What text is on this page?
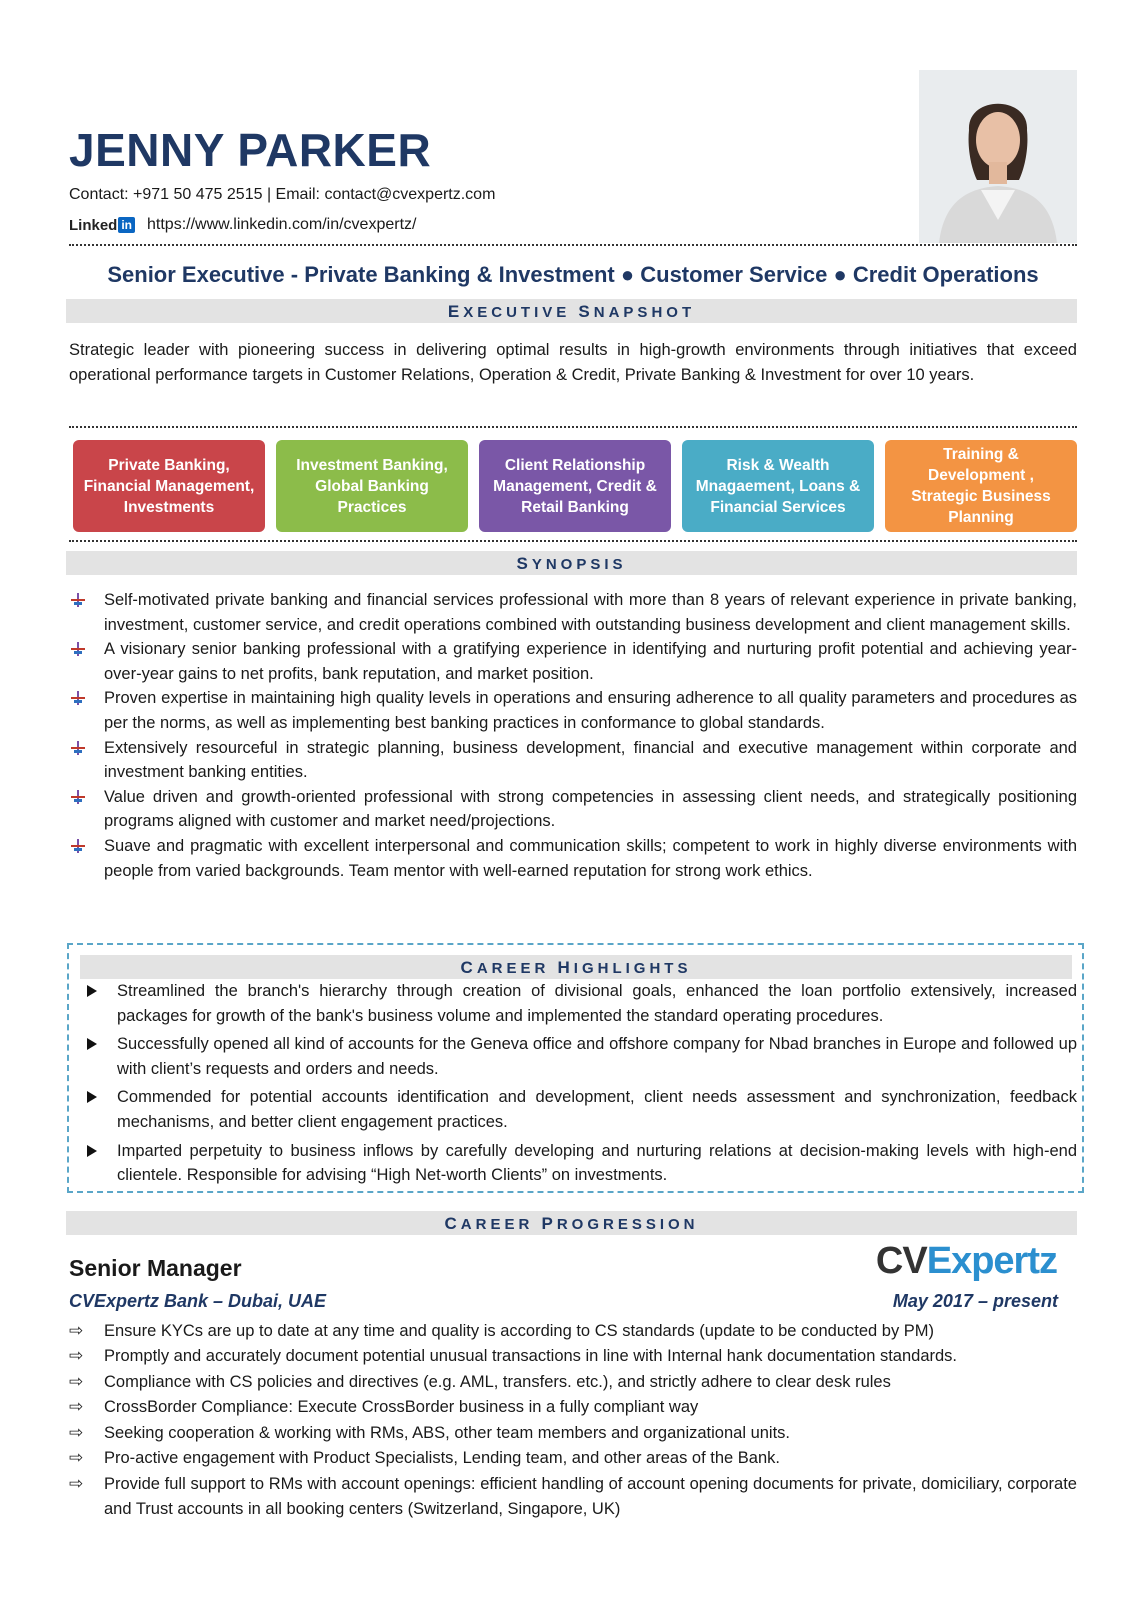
JENNY PARKER
Contact: +971 50 475 2515 | Email: contact@cvexpertz.com
Linked in https://www.linkedin.com/in/cvexpertz/
Senior Executive - Private Banking & Investment ● Customer Service ● Credit Operations
EXECUTIVE SNAPSHOT
Strategic leader with pioneering success in delivering optimal results in high-growth environments through initiatives that exceed operational performance targets in Customer Relations, Operation & Credit, Private Banking & Investment for over 10 years.
Private Banking, Financial Management, Investments
Investment Banking, Global Banking Practices
Client Relationship Management, Credit & Retail Banking
Risk & Wealth Mnagaement, Loans & Financial Services
Training & Development , Strategic Business Planning
SYNOPSIS
Self-motivated private banking and financial services professional with more than 8 years of relevant experience in private banking, investment, customer service, and credit operations combined with outstanding business development and client management skills.
A visionary senior banking professional with a gratifying experience in identifying and nurturing profit potential and achieving year-over-year gains to net profits, bank reputation, and market position.
Proven expertise in maintaining high quality levels in operations and ensuring adherence to all quality parameters and procedures as per the norms, as well as implementing best banking practices in conformance to global standards.
Extensively resourceful in strategic planning, business development, financial and executive management within corporate and investment banking entities.
Value driven and growth-oriented professional with strong competencies in assessing client needs, and strategically positioning programs aligned with customer and market need/projections.
Suave and pragmatic with excellent interpersonal and communication skills; competent to work in highly diverse environments with people from varied backgrounds. Team mentor with well-earned reputation for strong work ethics.
CAREER HIGHLIGHTS
Streamlined the branch's hierarchy through creation of divisional goals, enhanced the loan portfolio extensively, increased packages for growth of the bank's business volume and implemented the standard operating procedures.
Successfully opened all kind of accounts for the Geneva office and offshore company for Nbad branches in Europe and followed up with client’s requests and orders and needs.
Commended for potential accounts identification and development, client needs assessment and synchronization, feedback mechanisms, and better client engagement practices.
Imparted perpetuity to business inflows by carefully developing and nurturing relations at decision-making levels with high-end clientele. Responsible for advising “High Net-worth Clients” on investments.
CAREER PROGRESSION
CVExpertz
Senior Manager
CVExpertz Bank – Dubai, UAE	May 2017 – present
⇨ Ensure KYCs are up to date at any time and quality is according to CS standards (update to be conducted by PM)
⇨ Promptly and accurately document potential unusual transactions in line with Internal hank documentation standards.
⇨ Compliance with CS policies and directives (e.g. AML, transfers. etc.), and strictly adhere to clear desk rules
⇨ CrossBorder Compliance: Execute CrossBorder business in a fully compliant way
⇨ Seeking cooperation & working with RMs, ABS, other team members and organizational units.
⇨ Pro-active engagement with Product Specialists, Lending team, and other areas of the Bank.
⇨ Provide full support to RMs with account openings: efficient handling of account opening documents for private, domiciliary, corporate and Trust accounts in all booking centers (Switzerland, Singapore, UK)
